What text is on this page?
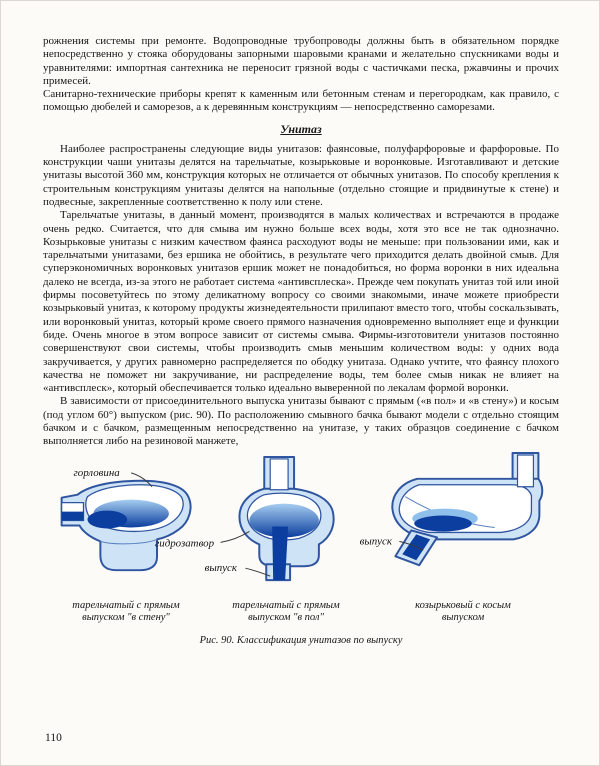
рожнения системы при ремонте. Водопроводные трубопроводы должны быть в обязательном порядке непосредственно у стояка оборудованы запорными шаровыми кранами и желательно спускниками воды и уравнителями: импортная сантехника не переносит грязной воды с частичками песка, ржавчины и прочих примесей.

Санитарно-технические приборы крепят к каменным или бетонным стенам и перегородкам, как правило, с помощью дюбелей и саморезов, а к деревянным конструкциям — непосредственно саморезами.

Унитаз

Наиболее распространены следующие виды унитазов: фаянсовые, полуфарфоровые и фарфоровые. По конструкции чаши унитазы делятся на тарельчатые, козырьковые и воронковые. Изготавливают и детские унитазы высотой 360 мм, конструкция которых не отличается от обычных унитазов. По способу крепления к строительным конструкциям унитазы делятся на напольные (отдельно стоящие и придвинутые к стене) и подвесные, закрепленные соответственно к полу или стене.

Тарельчатые унитазы, в данный момент, производятся в малых количествах и встречаются в продаже очень редко. Считается, что для смыва им нужно больше всех воды, хотя это все не так однозначно. Козырьковые унитазы с низким качеством фаянса расходуют воды не меньше: при пользовании ими, как и тарельчатыми унитазами, без ершика не обойтись, в результате чего приходится делать двойной смыв. Для суперэкономичных воронковых унитазов ершик может не понадобиться, но форма воронки в них идеальна далеко не всегда, из-за этого не работает система «антивсплеска». Прежде чем покупать унитаз той или иной фирмы посоветуйтесь по этому деликатному вопросу со своими знакомыми, иначе можете приобрести козырьковый унитаз, к которому продукты жизнедеятельности прилипают вместо того, чтобы соскальзывать, или воронковый унитаз, который кроме своего прямого назначения одновременно выполняет еще и функции биде. Очень многое в этом вопросе зависит от системы смыва. Фирмы-изготовители унитазов постоянно совершенствуют свои системы, чтобы производить смыв меньшим количеством воды: у одних вода закручивается, у других равномерно распределяется по ободку унитаза. Однако учтите, что фаянсу плохого качества не поможет ни закручивание, ни распределение воды, тем более смыв никак не влияет на «антивсплеск», который обеспечивается только идеально выверенной по лекалам формой воронки.

В зависимости от присоединительного выпуска унитазы бывают с прямым («в пол» и «в стену») и косым (под углом 60°) выпуском (рис. 90). По расположению смывного бачка бывают модели с отдельно стоящим бачком и с бачком, размещенным непосредственно на унитазе, у таких образцов соединение с бачком выполняется либо на резиновой манжете,

горловина
гидрозатвор
выпуск
выпуск
тарельчатый с прямым выпуском "в стену"
тарельчатый с прямым выпуском "в пол"
козырьковый с косым выпуском
Рис. 90. Классификация унитазов по выпуску
110
